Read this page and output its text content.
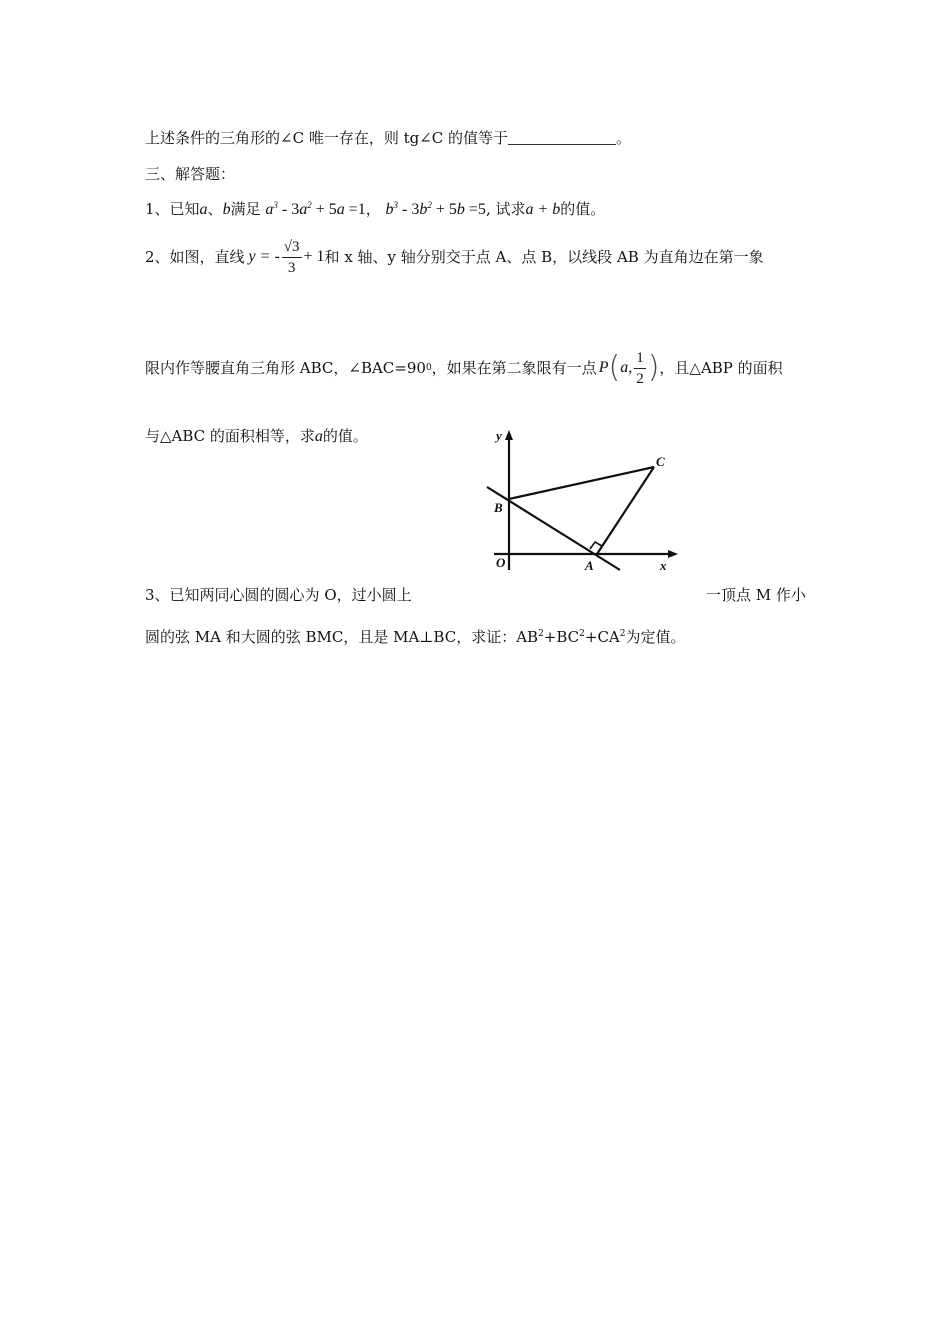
上述条件的三角形的∠C 唯一存在，则 tg∠C 的值等于	。
三、解答题：
1、已知a、b满足 $a^3 - 3a^2 + 5a =1$， $b^3 - 3b^2 + 5b =5$, 试求a + b的值。
2、如图，直线 y = - $\frac{√3}{3} + 1$ 和 x 轴、y 轴分别交于点 A、点 B，以线段 AB 为直角边在第一象
限内作等腰直角三角形 ABC，∠BAC=90 0 ，如果在第二象限有一点 P ( a, $\frac{1}{2}$ ) ，且△ABP 的面积
与△ABC 的面积相等，求a的值。	y
x
O	A
B
C
3、已知两同心圆的圆心为 O，过小圆上	一顶点 M 作小
圆的弦 MA 和大圆的弦 BMC，且是 MA⊥BC，求证：$AB^2+BC^2+CA^2$为定值。
